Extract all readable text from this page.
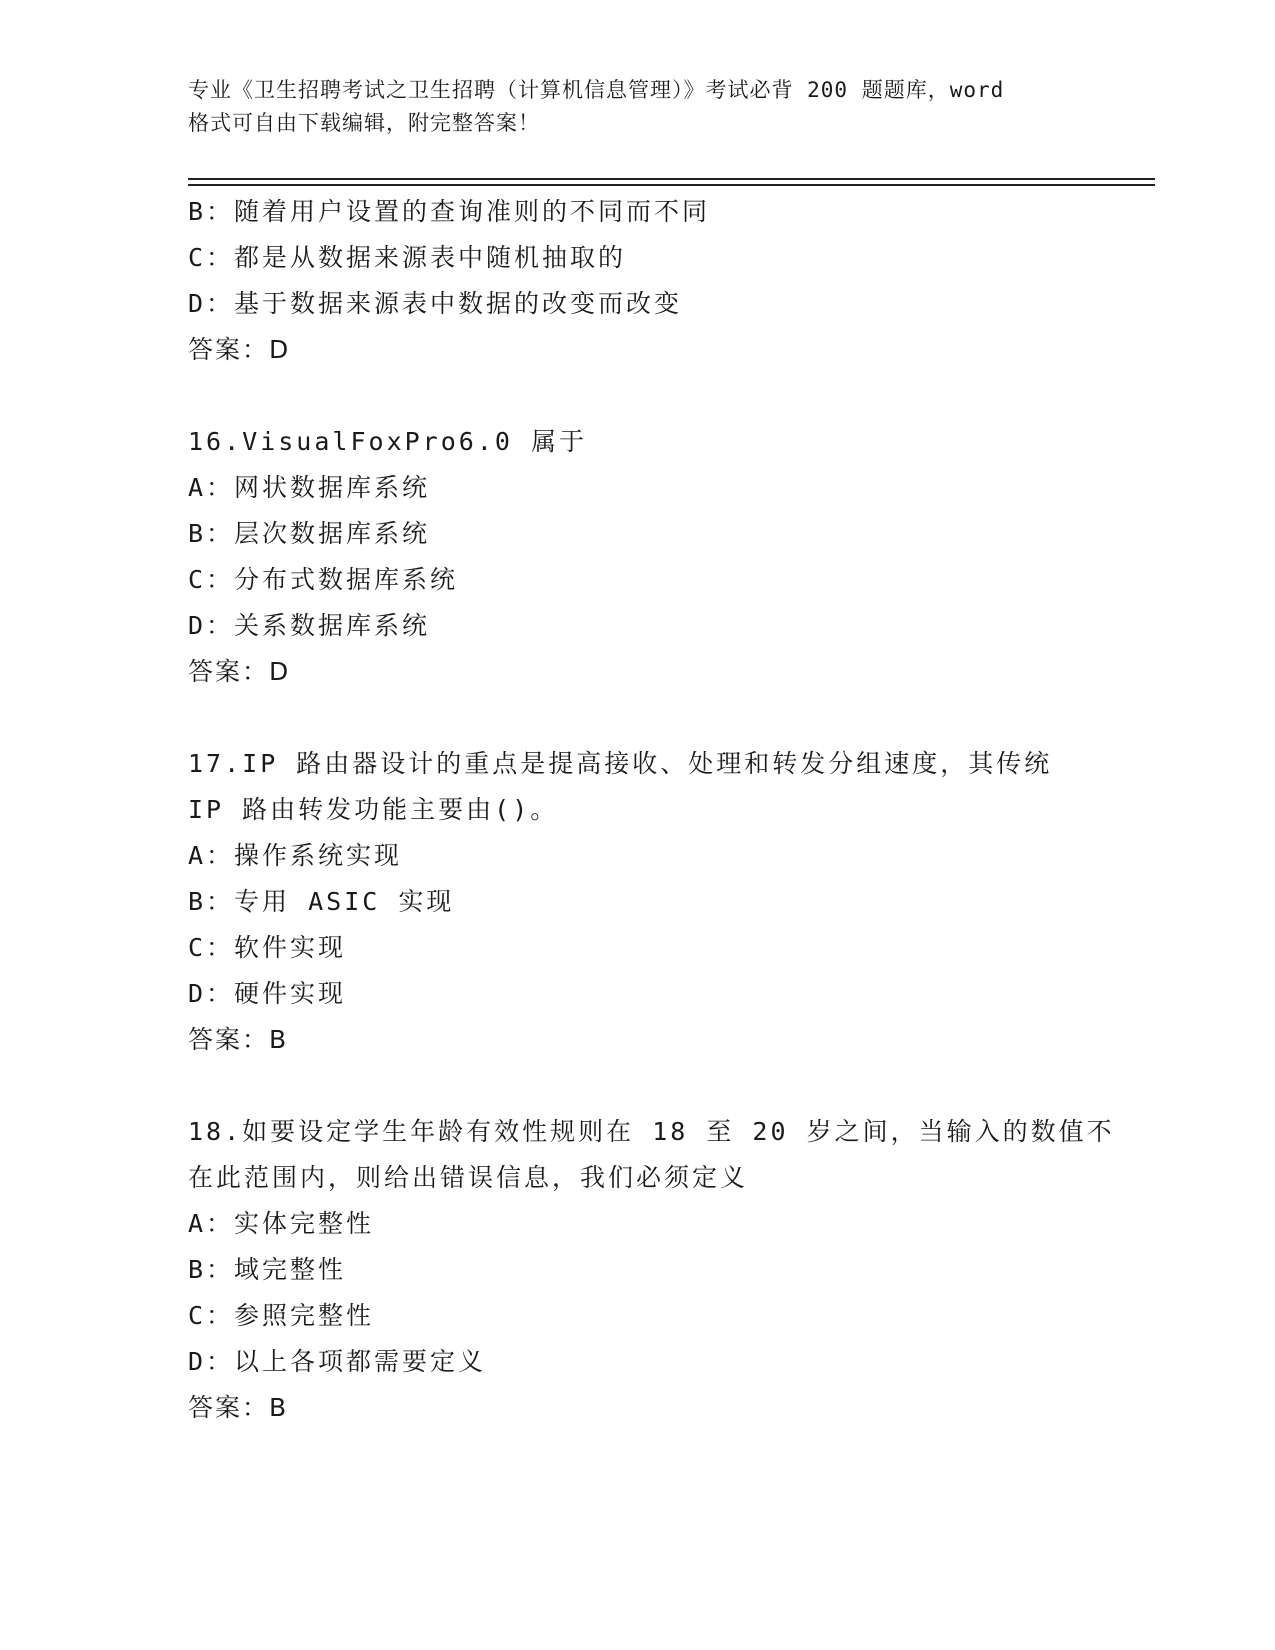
专业《卫生招聘考试之卫生招聘（计算机信息管理）》考试必背 200 题题库，word
格式可自由下载编辑，附完整答案！
B：随着用户设置的查询准则的不同而不同
C：都是从数据来源表中随机抽取的
D：基于数据来源表中数据的改变而改变
答案：D
16.VisualFoxPro6.0 属于
A：网状数据库系统
B：层次数据库系统
C：分布式数据库系统
D：关系数据库系统
答案：D
17.IP 路由器设计的重点是提高接收、处理和转发分组速度，其传统
IP 路由转发功能主要由()。
A：操作系统实现
B：专用 ASIC 实现
C：软件实现
D：硬件实现
答案：B
18.如要设定学生年龄有效性规则在 18 至 20 岁之间，当输入的数值不
在此范围内，则给出错误信息，我们必须定义
A：实体完整性
B：域完整性
C：参照完整性
D：以上各项都需要定义
答案：B
